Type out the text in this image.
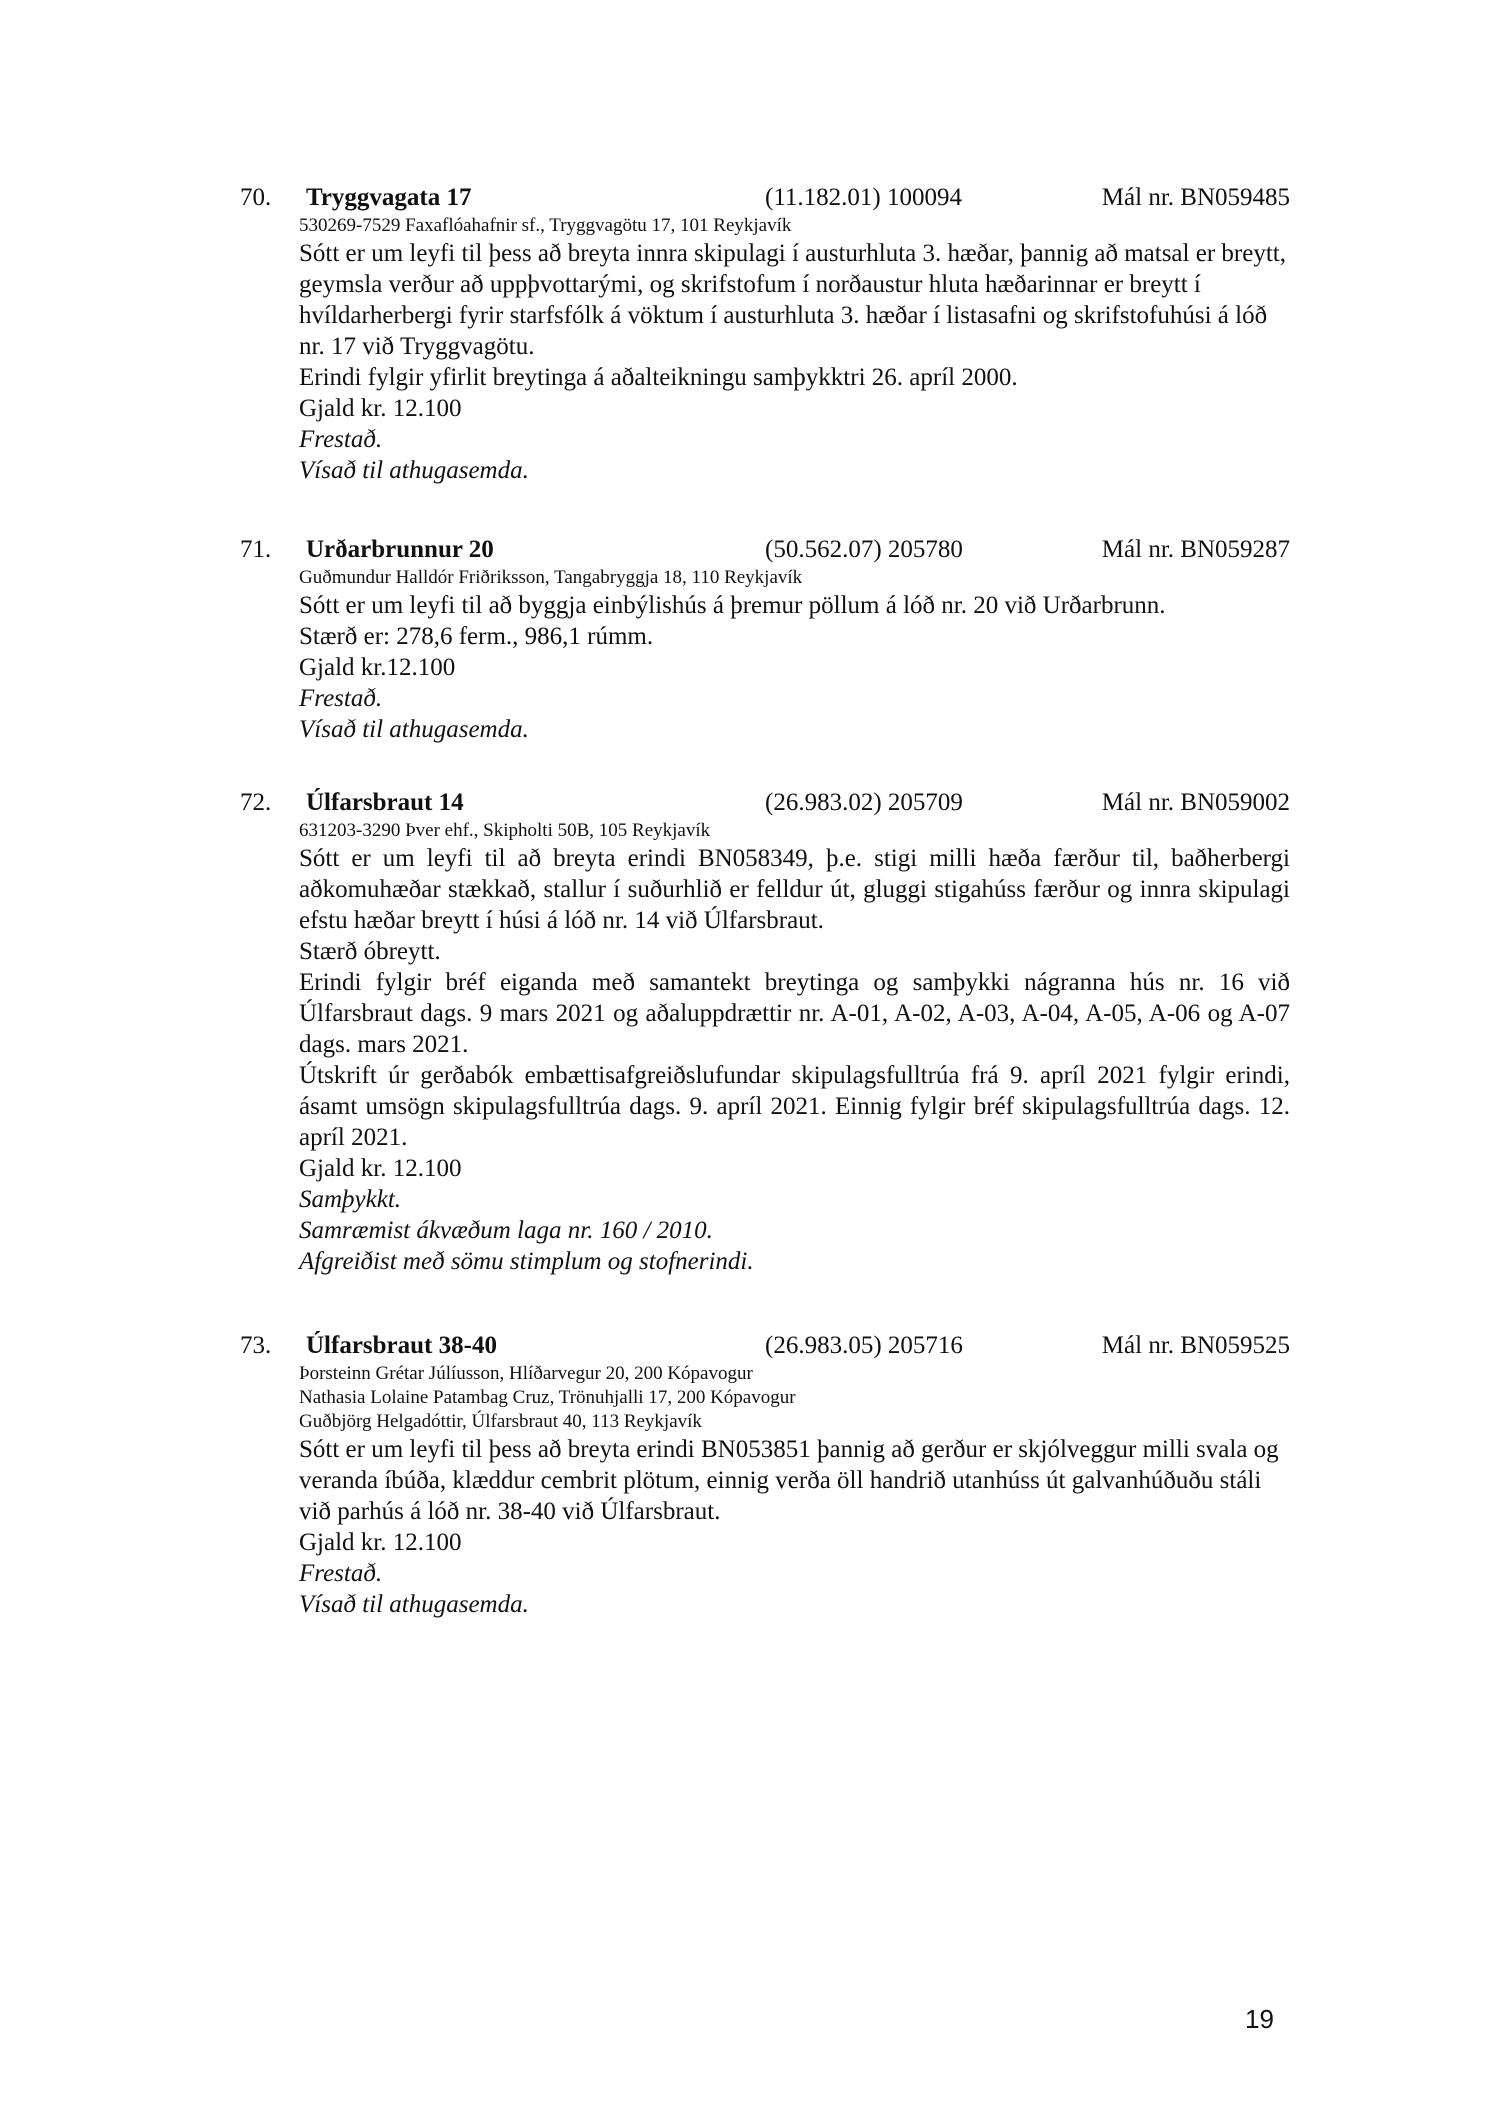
70. Tryggvagata 17	(11.182.01) 100094	Mál nr. BN059485
530269-7529 Faxaflóahafnir sf., Tryggvagötu 17, 101 Reykjavík

Sótt er um leyfi til þess að breyta innra skipulagi í austurhluta 3. hæðar, þannig að matsal er breytt, geymsla verður að uppþvottarými, og skrifstofum í norðaustur hluta hæðarinnar er breytt í hvíldarherbergi fyrir starfsfólk á vöktum í austurhluta 3. hæðar í listasafni og skrifstofuhúsi á lóð nr. 17 við Tryggvagötu.

Erindi fylgir yfirlit breytinga á aðalteikningu samþykktri 26. apríl 2000.

Gjald kr. 12.100

Frestað.

Vísað til athugasemda.

71. Urðarbrunnur 20	(50.562.07) 205780	Mál nr. BN059287
Guðmundur Halldór Friðriksson, Tangabryggja 18, 110 Reykjavík

Sótt er um leyfi til að byggja einbýlishús á þremur pöllum á lóð nr. 20 við Urðarbrunn.

Stærð er: 278,6 ferm., 986,1 rúmm.

Gjald kr.12.100

Frestað.

Vísað til athugasemda.

72. Úlfarsbraut 14	(26.983.02) 205709	Mál nr. BN059002
631203-3290 Þver ehf., Skipholti 50B, 105 Reykjavík

Sótt er um leyfi til að breyta erindi BN058349, þ.e. stigi milli hæða færður til, baðherbergi aðkomuhæðar stækkað, stallur í suðurhlið er felldur út, gluggi stigahúss færður og innra skipulagi efstu hæðar breytt í húsi á lóð nr. 14 við Úlfarsbraut.

Stærð óbreytt.

Erindi fylgir bréf eiganda með samantekt breytinga og samþykki nágranna hús nr. 16 við Úlfarsbraut dags. 9 mars 2021 og aðaluppdrættir nr. A-01, A-02, A-03, A-04, A-05, A-06 og A-07 dags. mars 2021.

Útskrift úr gerðabók embættisafgreiðslufundar skipulagsfulltrúa frá 9. apríl 2021 fylgir erindi, ásamt umsögn skipulagsfulltrúa dags. 9. apríl 2021. Einnig fylgir bréf skipulagsfulltrúa dags. 12. apríl 2021.

Gjald kr. 12.100

Samþykkt.

Samræmist ákvæðum laga nr. 160 / 2010.

Afgreiðist með sömu stimplum og stofnerindi.

73. Úlfarsbraut 38-40	(26.983.05) 205716	Mál nr. BN059525
Þorsteinn Grétar Júlíusson, Hlíðarvegur 20, 200 Kópavogur
Nathasia Lolaine Patambag Cruz, Trönuhjalli 17, 200 Kópavogur
Guðbjörg Helgadóttir, Úlfarsbraut 40, 113 Reykjavík

Sótt er um leyfi til þess að breyta erindi BN053851 þannig að gerður er skjólveggur milli svala og veranda íbúða, klæddur cembrit plötum, einnig verða öll handrið utanhúss út galvanhúðuðu stáli við parhús á lóð nr. 38-40 við Úlfarsbraut.

Gjald kr. 12.100

Frestað.

Vísað til athugasemda.

19
